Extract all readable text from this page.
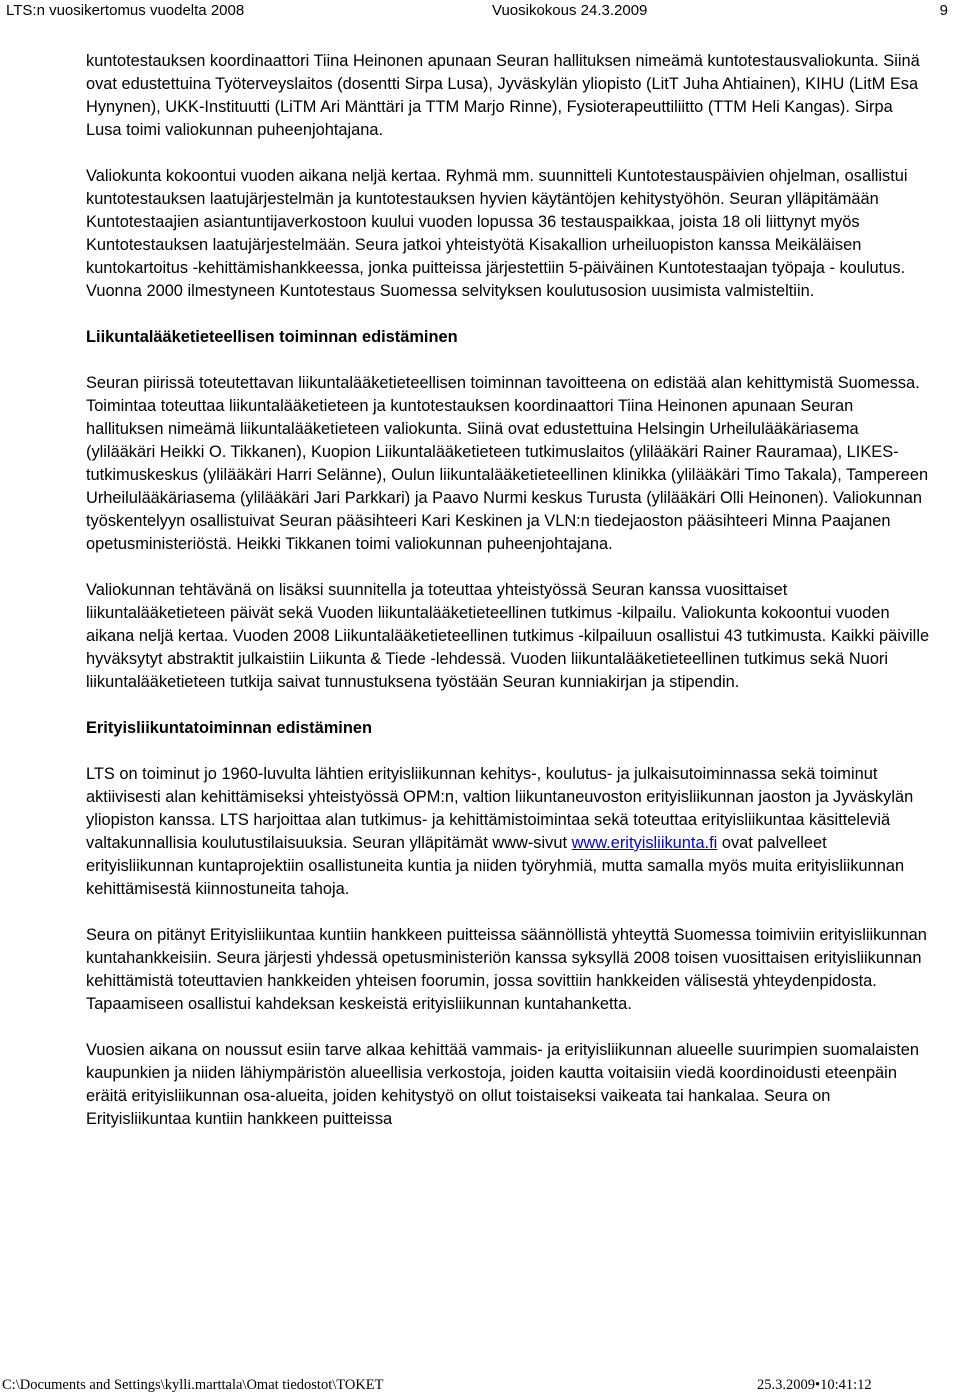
LTS:n vuosikertomus vuodelta 2008	Vuosikokous 24.3.2009	9

kuntotestauksen koordinaattori Tiina Heinonen apunaan Seuran hallituksen nimeämä kuntotestausvaliokunta. Siinä ovat edustettuina Työterveyslaitos (dosentti Sirpa Lusa), Jyväskylän yliopisto (LitT Juha Ahtiainen), KIHU (LitM Esa Hynynen), UKK-Instituutti (LiTM Ari Mänttäri ja TTM Marjo Rinne), Fysioterapeuttiliitto (TTM Heli Kangas). Sirpa Lusa toimi valiokunnan puheenjohtajana.

Valiokunta kokoontui vuoden aikana neljä kertaa. Ryhmä mm. suunnitteli Kuntotestauspäivien ohjelman, osallistui kuntotestauksen laatujärjestelmän ja kuntotestauksen hyvien käytäntöjen kehitystyöhön. Seuran ylläpitämään Kuntotestaajien asiantuntijaverkostoon kuului vuoden lopussa 36 testauspaikkaa, joista 18 oli liittynyt myös Kuntotestauksen laatujärjestelmään. Seura jatkoi yhteistyötä Kisakallion urheiluopiston kanssa Meikäläisen kuntokartoitus -kehittämishankkeessa, jonka puitteissa järjestettiin 5-päiväinen Kuntotestaajan työpaja - koulutus. Vuonna 2000 ilmestyneen Kuntotestaus Suomessa selvityksen koulutusosion uusimista valmisteltiin.

Liikuntalääketieteellisen toiminnan edistäminen

Seuran piirissä toteutettavan liikuntalääketieteellisen toiminnan tavoitteena on edistää alan kehittymistä Suomessa. Toimintaa toteuttaa liikuntalääketieteen ja kuntotestauksen koordinaattori Tiina Heinonen apunaan Seuran hallituksen nimeämä liikuntalääketieteen valiokunta. Siinä ovat edustettuina Helsingin Urheilulääkäriasema (ylilääkäri Heikki O. Tikkanen), Kuopion Liikuntalääketieteen tutkimuslaitos (ylilääkäri Rainer Rauramaa), LIKES- tutkimuskeskus (ylilääkäri Harri Selänne), Oulun liikuntalääketieteellinen klinikka (ylilääkäri Timo Takala), Tampereen Urheilulääkäriasema (ylilääkäri Jari Parkkari) ja Paavo Nurmi keskus Turusta (ylilääkäri Olli Heinonen). Valiokunnan työskentelyyn osallistuivat Seuran pääsihteeri Kari Keskinen ja VLN:n tiedejaoston pääsihteeri Minna Paajanen opetusministeriöstä. Heikki Tikkanen toimi valiokunnan puheenjohtajana.

Valiokunnan tehtävänä on lisäksi suunnitella ja toteuttaa yhteistyössä Seuran kanssa vuosittaiset liikuntalääketieteen päivät sekä Vuoden liikuntalääketieteellinen tutkimus -kilpailu. Valiokunta kokoontui vuoden aikana neljä kertaa. Vuoden 2008 Liikuntalääketieteellinen tutkimus -kilpailuun osallistui 43 tutkimusta. Kaikki päiville hyväksytyt abstraktit julkaistiin Liikunta & Tiede -lehdessä. Vuoden liikuntalääketieteellinen tutkimus sekä Nuori liikuntalääketieteen tutkija saivat tunnustuksena työstään Seuran kunniakirjan ja stipendin.

Erityisliikuntatoiminnan edistäminen

LTS on toiminut jo 1960-luvulta lähtien erityisliikunnan kehitys-, koulutus- ja julkaisutoiminnassa sekä toiminut aktiivisesti alan kehittämiseksi yhteistyössä OPM:n, valtion liikuntaneuvoston erityisliikunnan jaoston ja Jyväskylän yliopiston kanssa. LTS harjoittaa alan tutkimus- ja kehittämistoimintaa sekä toteuttaa erityisliikuntaa käsitteleviä valtakunnallisia koulutustilaisuuksia. Seuran ylläpitämät www-sivut www.erityisliikunta.fi ovat palvelleet erityisliikunnan kuntaprojektiin osallistuneita kuntia ja niiden työryhmiä, mutta samalla myös muita erityisliikunnan kehittämisestä kiinnostuneita tahoja.

Seura on pitänyt Erityisliikuntaa kuntiin hankkeen puitteissa säännöllistä yhteyttä Suomessa toimiviin erityisliikunnan kuntahankkeisiin. Seura järjesti yhdessä opetusministeriön kanssa syksyllä 2008 toisen vuosittaisen erityisliikunnan kehittämistä toteuttavien hankkeiden yhteisen foorumin, jossa sovittiin hankkeiden välisestä yhteydenpidosta. Tapaamiseen osallistui kahdeksan keskeistä erityisliikunnan kuntahanketta.

Vuosien aikana on noussut esiin tarve alkaa kehittää vammais- ja erityisliikunnan alueelle suurimpien suomalaisten kaupunkien ja niiden lähiympäristön alueellisia verkostoja, joiden kautta voitaisiin viedä koordinoidusti eteenpäin eräitä erityisliikunnan osa-alueita, joiden kehitystyö on ollut toistaiseksi vaikeata tai hankalaa. Seura on Erityisliikuntaa kuntiin hankkeen puitteissa

C:\Documents and Settings\kylli.marttala\Omat tiedostot\TOKET	25.3.2009•10:41:12
